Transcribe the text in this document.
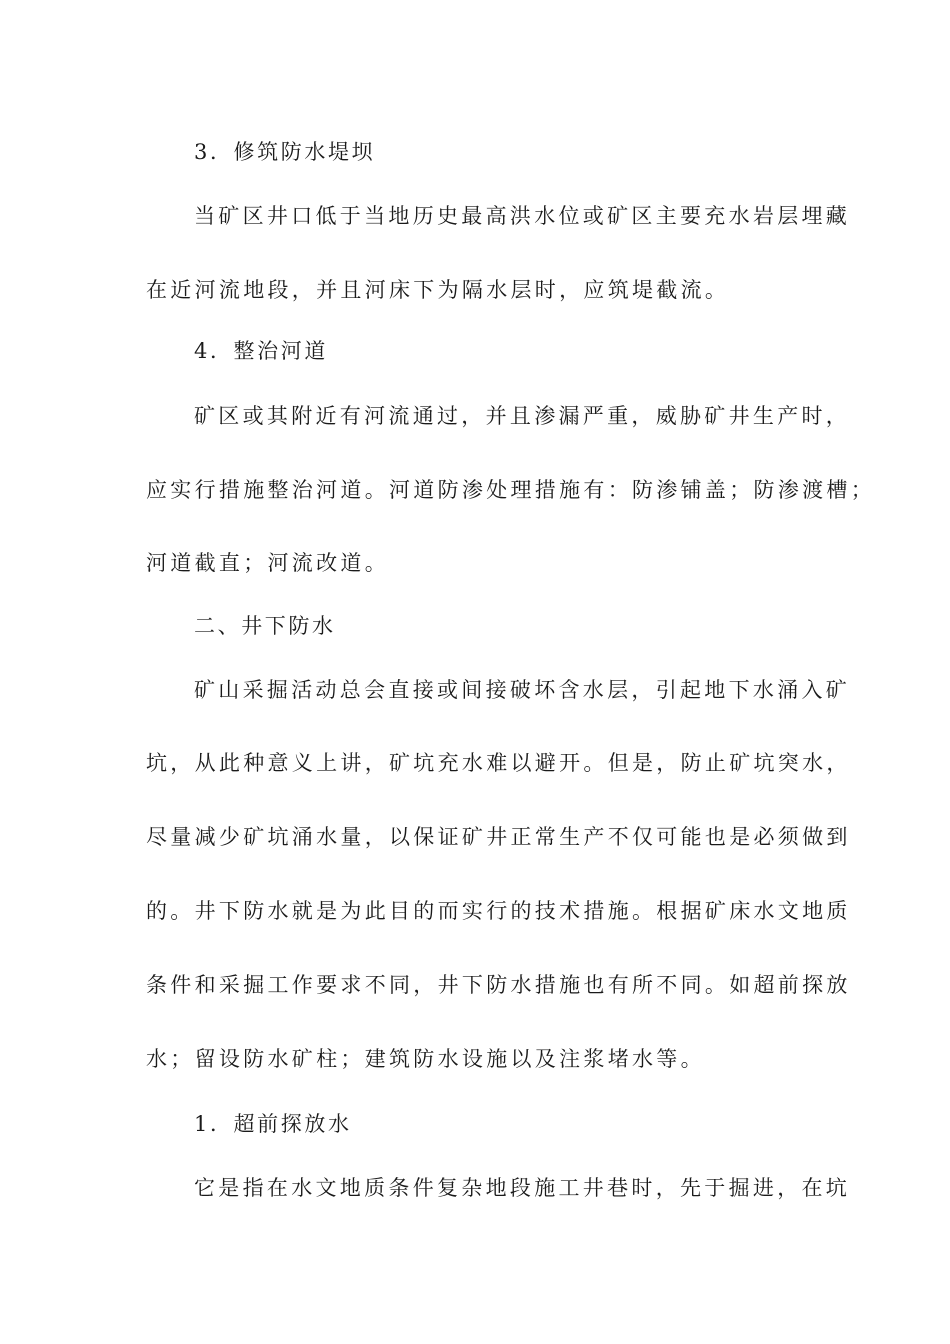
3．修筑防水堤坝
当矿区井口低于当地历史最高洪水位或矿区主要充水岩层埋藏
在近河流地段，并且河床下为隔水层时，应筑堤截流。
4．整治河道
矿区或其附近有河流通过，并且渗漏严重，威胁矿井生产时，
应实行措施整治河道。河道防渗处理措施有：防渗铺盖；防渗渡槽；
河道截直；河流改道。
二、井下防水
矿山采掘活动总会直接或间接破坏含水层，引起地下水涌入矿
坑，从此种意义上讲，矿坑充水难以避开。但是，防止矿坑突水，
尽量减少矿坑涌水量，以保证矿井正常生产不仅可能也是必须做到
的。井下防水就是为此目的而实行的技术措施。根据矿床水文地质
条件和采掘工作要求不同，井下防水措施也有所不同。如超前探放
水；留设防水矿柱；建筑防水设施以及注浆堵水等。
1．超前探放水
它是指在水文地质条件复杂地段施工井巷时，先于掘进，在坑
